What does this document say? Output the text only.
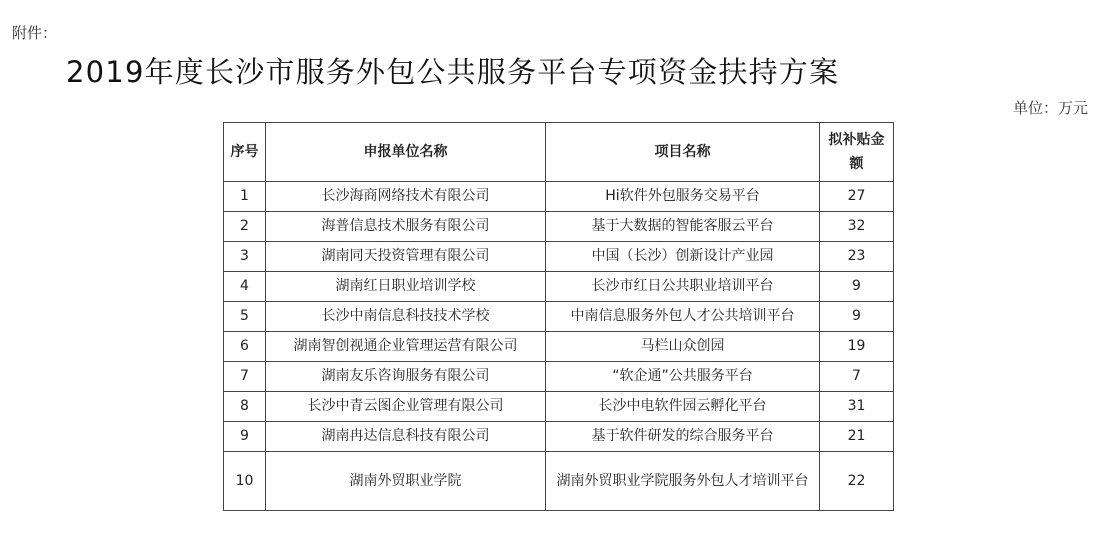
附件：
2019年度长沙市服务外包公共服务平台专项资金扶持方案
单位：万元
序号	申报单位名称	项目名称	拟补贴金额
1	长沙海商网络技术有限公司	Hi软件外包服务交易平台	27
2	海普信息技术服务有限公司	基于大数据的智能客服云平台	32
3	湖南同天投资管理有限公司	中国（长沙）创新设计产业园	23
4	湖南红日职业培训学校	长沙市红日公共职业培训平台	9
5	长沙中南信息科技技术学校	中南信息服务外包人才公共培训平台	9
6	湖南智创视通企业管理运营有限公司	马栏山众创园	19
7	湖南友乐咨询服务有限公司	“软企通”公共服务平台	7
8	长沙中青云图企业管理有限公司	长沙中电软件园云孵化平台	31
9	湖南冉达信息科技有限公司	基于软件研发的综合服务平台	21
10	湖南外贸职业学院	湖南外贸职业学院服务外包人才培训平台	22
